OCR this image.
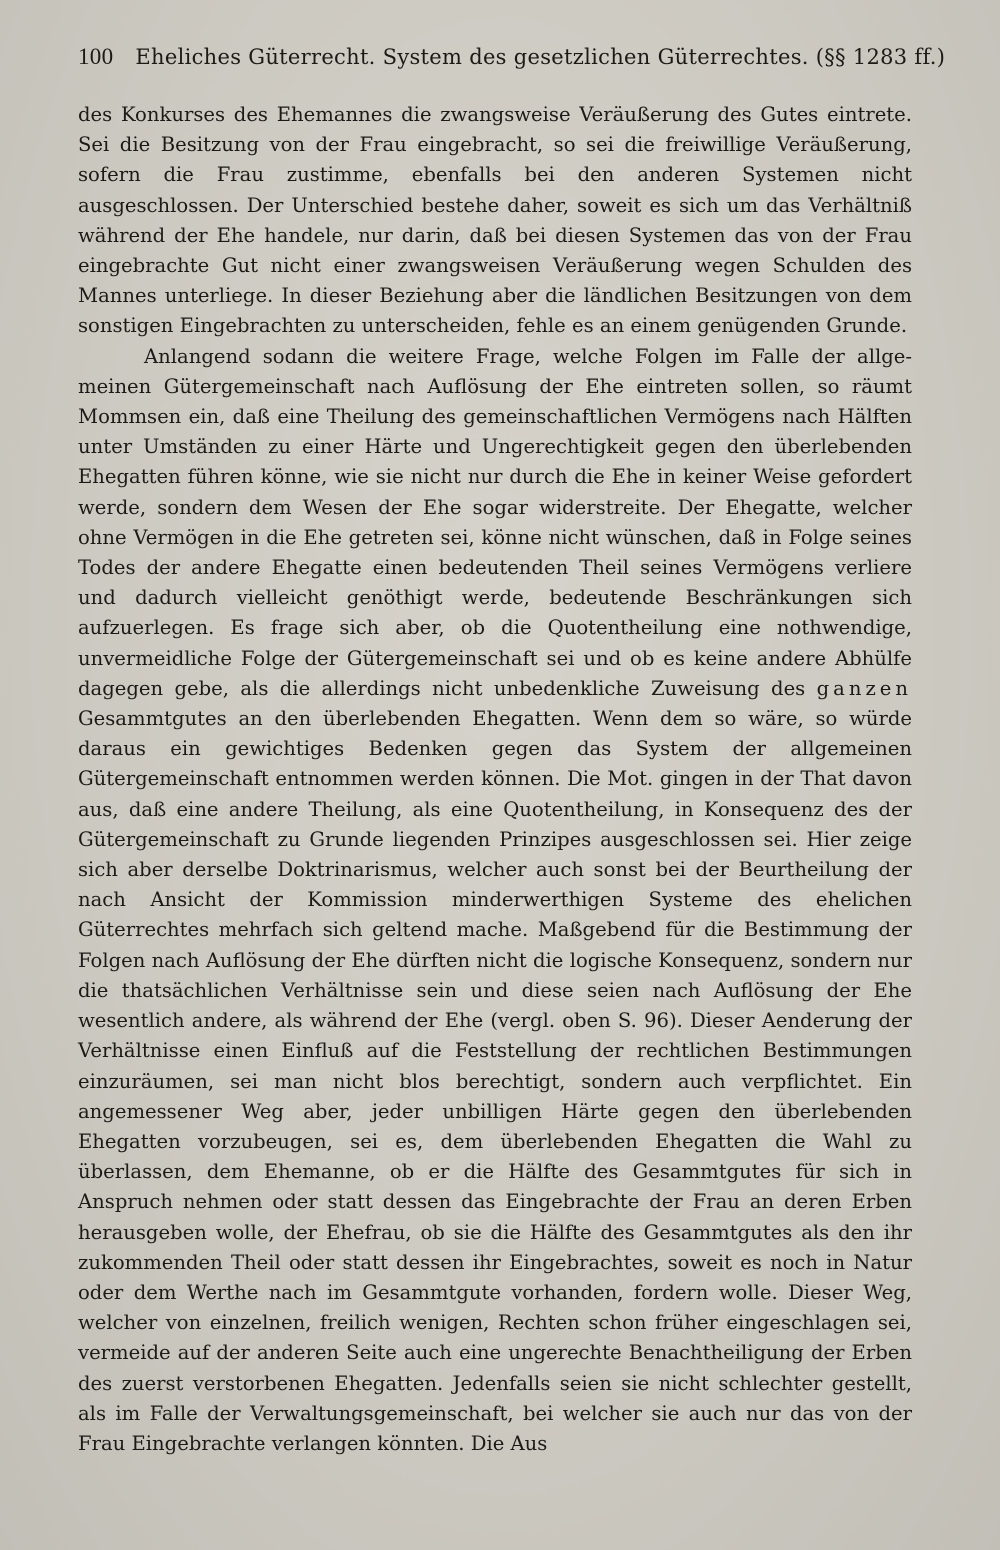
100 Eheliches Güterrecht. System des gesetzlichen Güterrechtes. (§§ 1283 ff.)

des Konkurses des Ehemannes die zwangsweise Veräußerung des Gutes eintrete. Sei die Besitzung von der Frau eingebracht, so sei die freiwillige Veräußerung, sofern die Frau zustimme, ebenfalls bei den anderen Systemen nicht ausgeschlossen. Der Unterschied bestehe daher, soweit es sich um das Verhältniß während der Ehe handele, nur darin, daß bei diesen Systemen das von der Frau eingebrachte Gut nicht einer zwangsweisen Veräußerung wegen Schulden des Mannes unterliege. In dieser Beziehung aber die ländlichen Besitzungen von dem sonstigen Eingebrachten zu unterscheiden, fehle es an einem genügenden Grunde.

Anlangend sodann die weitere Frage, welche Folgen im Falle der allgemeinen Gütergemeinschaft nach Auflösung der Ehe eintreten sollen, so räumt Mommsen ein, daß eine Theilung des gemeinschaftlichen Vermögens nach Hälften unter Umständen zu einer Härte und Ungerechtigkeit gegen den überlebenden Ehegatten führen könne, wie sie nicht nur durch die Ehe in keiner Weise gefordert werde, sondern dem Wesen der Ehe sogar widerstreite. Der Ehegatte, welcher ohne Vermögen in die Ehe getreten sei, könne nicht wünschen, daß in Folge seines Todes der andere Ehegatte einen bedeutenden Theil seines Vermögens verliere und dadurch vielleicht genöthigt werde, bedeutende Beschränkungen sich aufzuerlegen. Es frage sich aber, ob die Quotentheilung eine nothwendige, unvermeidliche Folge der Gütergemeinschaft sei und ob es keine andere Abhülfe dagegen gebe, als die allerdings nicht unbedenkliche Zuweisung des ganzen Gesammtgutes an den überlebenden Ehegatten. Wenn dem so wäre, so würde daraus ein gewichtiges Bedenken gegen das System der allgemeinen Gütergemeinschaft entnommen werden können. Die Mot. gingen in der That davon aus, daß eine andere Theilung, als eine Quotentheilung, in Konsequenz des der Gütergemeinschaft zu Grunde liegenden Prinzipes ausgeschlossen sei. Hier zeige sich aber derselbe Doktrinarismus, welcher auch sonst bei der Beurtheilung der nach Ansicht der Kommission minderwerthigen Systeme des ehelichen Güterrechtes mehrfach sich geltend mache. Maßgebend für die Bestimmung der Folgen nach Auflösung der Ehe dürften nicht die logische Konsequenz, sondern nur die thatsächlichen Verhältnisse sein und diese seien nach Auflösung der Ehe wesentlich andere, als während der Ehe (vergl. oben S. 96). Dieser Aenderung der Verhältnisse einen Einfluß auf die Feststellung der rechtlichen Bestimmungen einzuräumen, sei man nicht blos berechtigt, sondern auch verpflichtet. Ein angemessener Weg aber, jeder unbilligen Härte gegen den überlebenden Ehegatten vorzubeugen, sei es, dem überlebenden Ehegatten die Wahl zu überlassen, dem Ehemanne, ob er die Hälfte des Gesammtgutes für sich in Anspruch nehmen oder statt dessen das Eingebrachte der Frau an deren Erben herausgeben wolle, der Ehefrau, ob sie die Hälfte des Gesammtgutes als den ihr zukommenden Theil oder statt dessen ihr Eingebrachtes, soweit es noch in Natur oder dem Werthe nach im Gesammtgute vorhanden, fordern wolle. Dieser Weg, welcher von einzelnen, freilich wenigen, Rechten schon früher eingeschlagen sei, vermeide auf der anderen Seite auch eine ungerechte Benachtheiligung der Erben des zuerst verstorbenen Ehegatten. Jedenfalls seien sie nicht schlechter gestellt, als im Falle der Verwaltungsgemeinschaft, bei welcher sie auch nur das von der Frau Eingebrachte verlangen könnten. Die Aus
